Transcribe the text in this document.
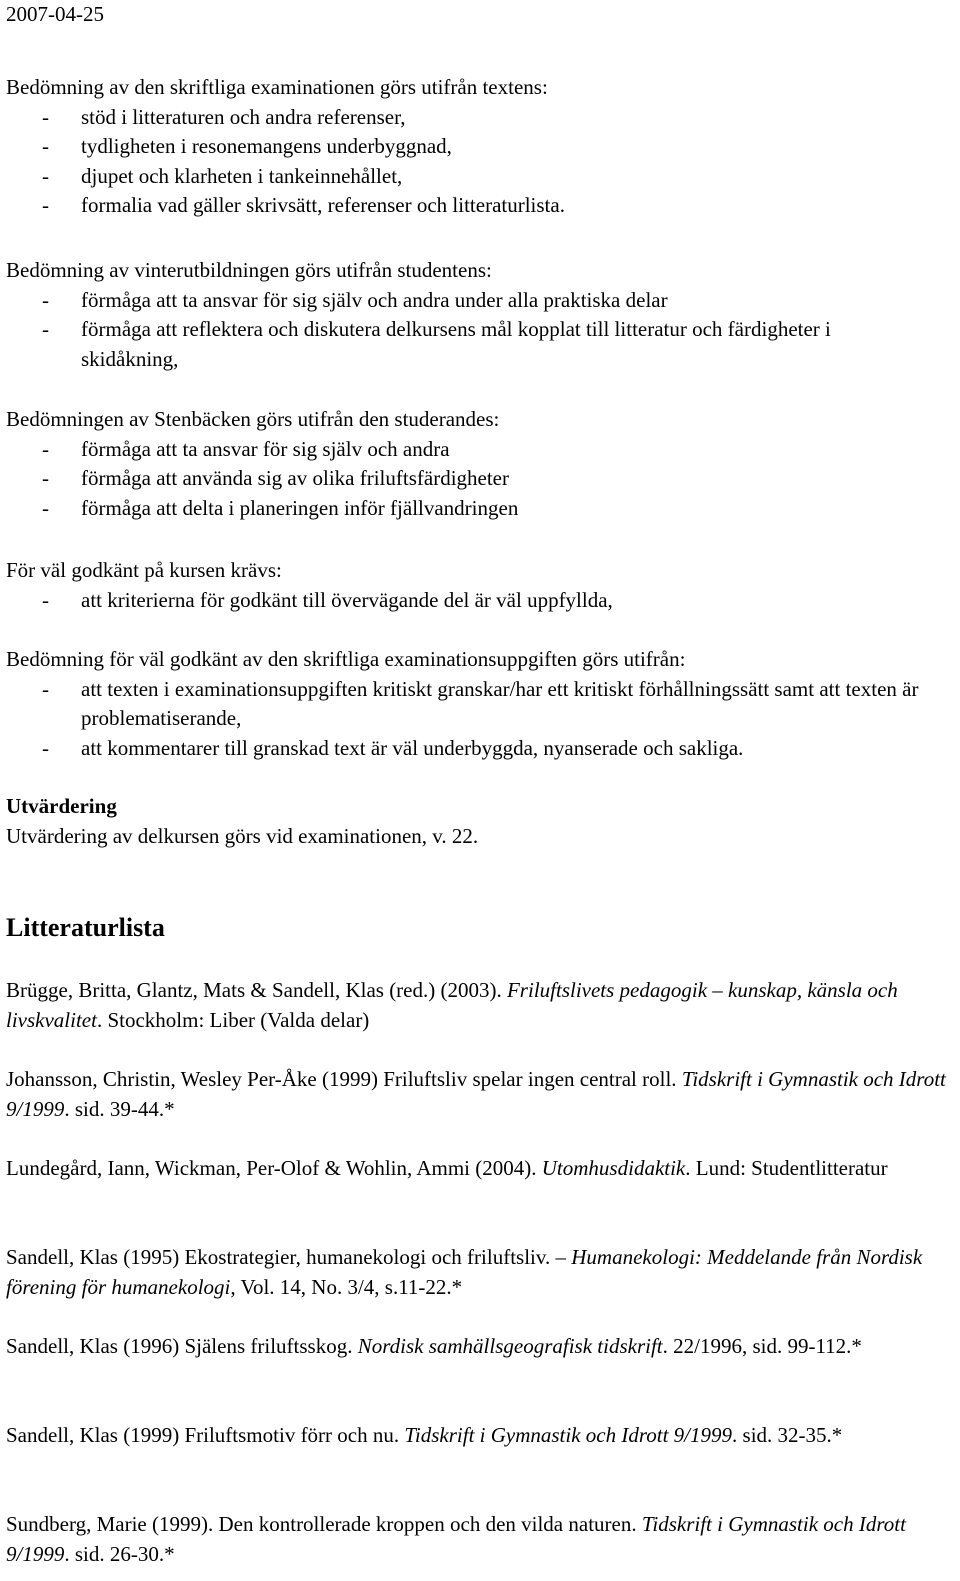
2007-04-25
Bedömning av den skriftliga examinationen görs utifrån textens:
- stöd i litteraturen och andra referenser,
- tydligheten i resonemangens underbyggnad,
- djupet och klarheten i tankeinnehållet,
- formalia vad gäller skrivsätt, referenser och litteraturlista.
Bedömning av vinterutbildningen görs utifrån studentens:
- förmåga att ta ansvar för sig själv och andra under alla praktiska delar
- förmåga att reflektera och diskutera delkursens mål kopplat till litteratur och färdigheter i skidåkning,
Bedömningen av Stenbäcken görs utifrån den studerandes:
- förmåga att ta ansvar för sig själv och andra
- förmåga att använda sig av olika friluftsfärdigheter
- förmåga att delta i planeringen inför fjällvandringen
För väl godkänt på kursen krävs:
- att kriterierna för godkänt till övervägande del är väl uppfyllda,
Bedömning för väl godkänt av den skriftliga examinationsuppgiften görs utifrån:
- att texten i examinationsuppgiften kritiskt granskar/har ett kritiskt förhållningssätt samt att texten är problematiserande,
- att kommentarer till granskad text är väl underbyggda, nyanserade och sakliga.
Utvärdering
Utvärdering av delkursen görs vid examinationen, v. 22.
Litteraturlista
Brügge, Britta, Glantz, Mats & Sandell, Klas (red.) (2003). Friluftslivets pedagogik – kunskap, känsla och livskvalitet. Stockholm: Liber (Valda delar)
Johansson, Christin, Wesley Per-Åke (1999) Friluftsliv spelar ingen central roll. Tidskrift i Gymnastik och Idrott 9/1999. sid. 39-44.*
Lundegård, Iann, Wickman, Per-Olof & Wohlin, Ammi (2004). Utomhusdidaktik. Lund: Studentlitteratur
Sandell, Klas (1995) Ekostrategier, humanekologi och friluftsliv. – Humanekologi: Meddelande från Nordisk förening för humanekologi, Vol. 14, No. 3/4, s.11-22.*
Sandell, Klas (1996) Själens friluftsskog. Nordisk samhällsgeografisk tidskrift. 22/1996, sid. 99-112.*
Sandell, Klas (1999) Friluftsmotiv förr och nu. Tidskrift i Gymnastik och Idrott 9/1999. sid. 32-35.*
Sundberg, Marie (1999). Den kontrollerade kroppen och den vilda naturen. Tidskrift i Gymnastik och Idrott 9/1999. sid. 26-30.*
